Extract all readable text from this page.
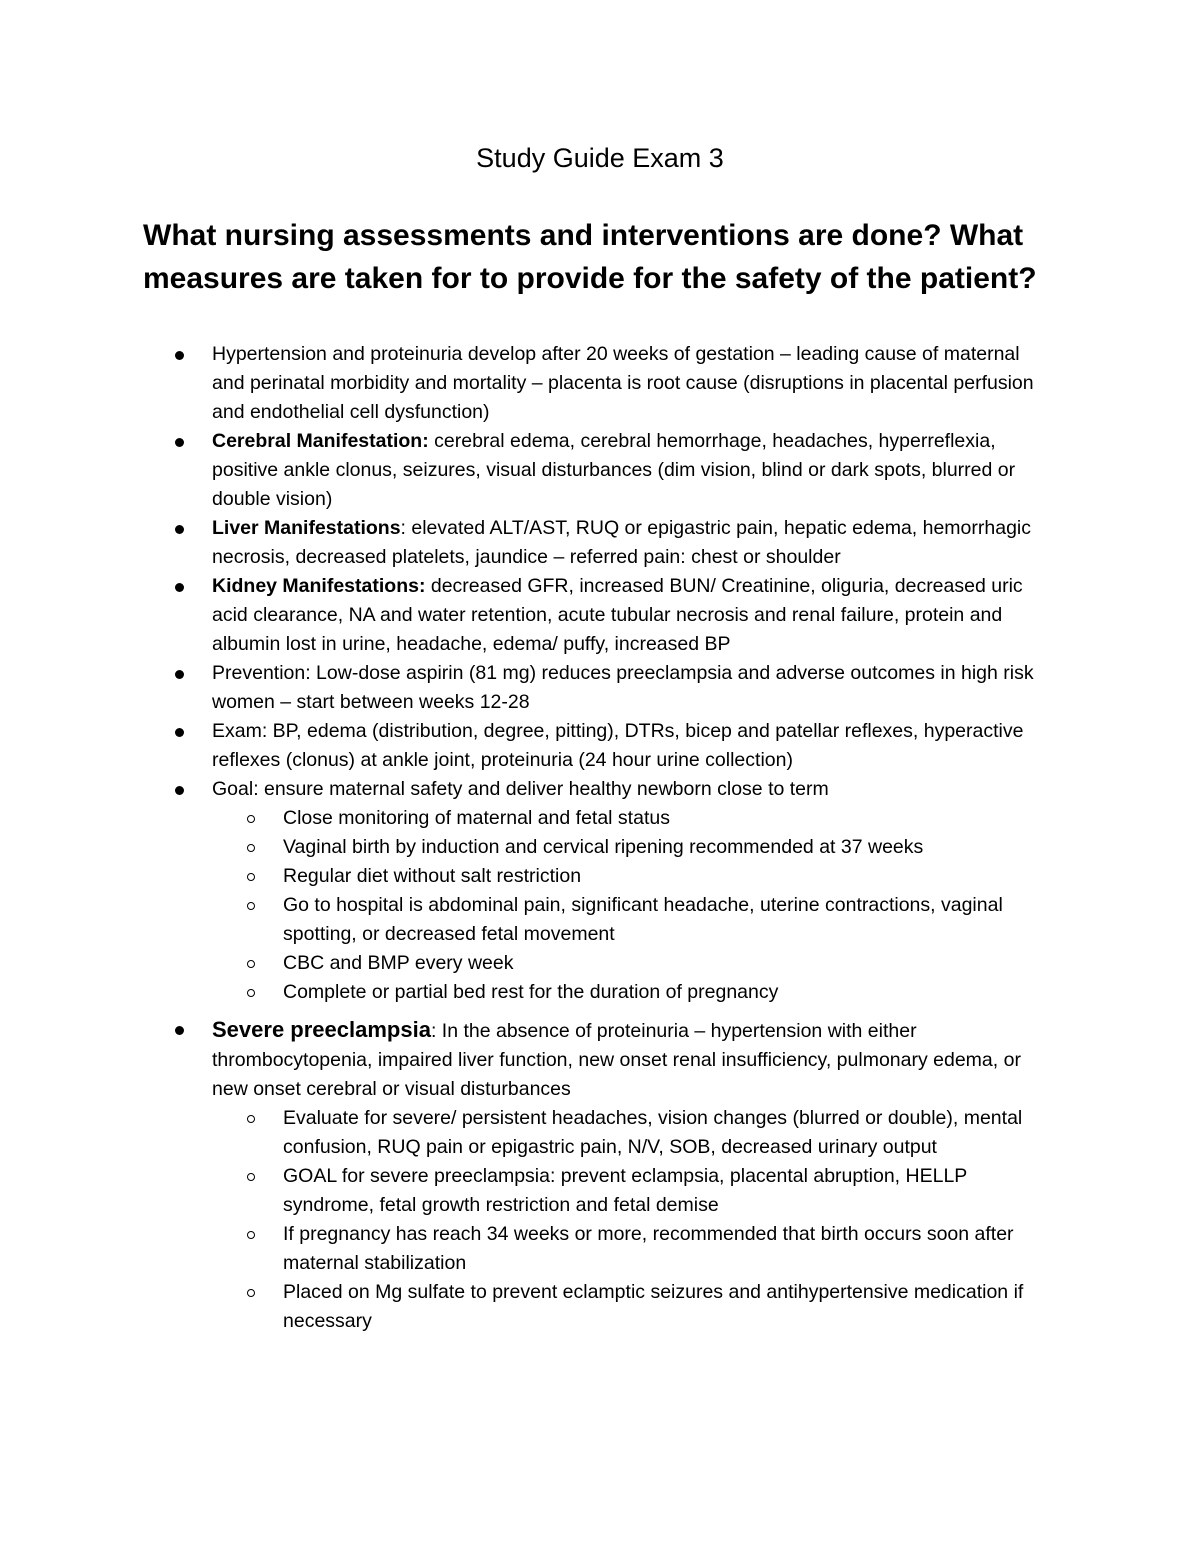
Study Guide Exam 3
What nursing assessments and interventions are done? What measures are taken for to provide for the safety of the patient?
Hypertension and proteinuria develop after 20 weeks of gestation – leading cause of maternal and perinatal morbidity and mortality – placenta is root cause (disruptions in placental perfusion and endothelial cell dysfunction)
Cerebral Manifestation: cerebral edema, cerebral hemorrhage, headaches, hyperreflexia, positive ankle clonus, seizures, visual disturbances (dim vision, blind or dark spots, blurred or double vision)
Liver Manifestations: elevated ALT/AST, RUQ or epigastric pain, hepatic edema, hemorrhagic necrosis, decreased platelets, jaundice – referred pain: chest or shoulder
Kidney Manifestations: decreased GFR, increased BUN/ Creatinine, oliguria, decreased uric acid clearance, NA and water retention, acute tubular necrosis and renal failure, protein and albumin lost in urine, headache, edema/ puffy, increased BP
Prevention: Low-dose aspirin (81 mg) reduces preeclampsia and adverse outcomes in high risk women – start between weeks 12-28
Exam: BP, edema (distribution, degree, pitting), DTRs, bicep and patellar reflexes, hyperactive reflexes (clonus) at ankle joint, proteinuria (24 hour urine collection)
Goal: ensure maternal safety and deliver healthy newborn close to term
Close monitoring of maternal and fetal status
Vaginal birth by induction and cervical ripening recommended at 37 weeks
Regular diet without salt restriction
Go to hospital is abdominal pain, significant headache, uterine contractions, vaginal spotting, or decreased fetal movement
CBC and BMP every week
Complete or partial bed rest for the duration of pregnancy
Severe preeclampsia: In the absence of proteinuria – hypertension with either thrombocytopenia, impaired liver function, new onset renal insufficiency, pulmonary edema, or new onset cerebral or visual disturbances
Evaluate for severe/ persistent headaches, vision changes (blurred or double), mental confusion, RUQ pain or epigastric pain, N/V, SOB, decreased urinary output
GOAL for severe preeclampsia: prevent eclampsia, placental abruption, HELLP syndrome, fetal growth restriction and fetal demise
If pregnancy has reach 34 weeks or more, recommended that birth occurs soon after maternal stabilization
Placed on Mg sulfate to prevent eclamptic seizures and antihypertensive medication if necessary
